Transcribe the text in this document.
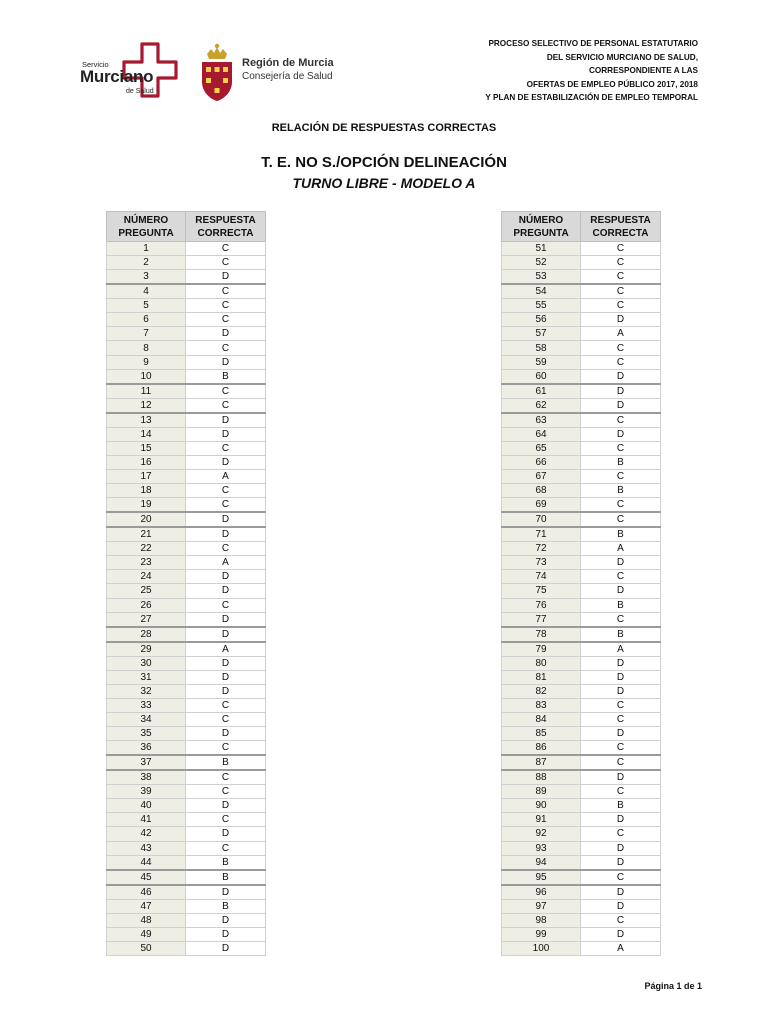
Servicio
Murciano
de Salud
Región de Murcia
Consejería de Salud
PROCESO SELECTIVO DE PERSONAL ESTATUTARIO
DEL SERVICIO MURCIANO DE SALUD,
CORRESPONDIENTE A LAS
OFERTAS DE EMPLEO PÚBLICO 2017, 2018
Y PLAN DE ESTABILIZACIÓN DE EMPLEO TEMPORAL
RELACIÓN DE RESPUESTAS CORRECTAS
T. E. NO S./OPCIÓN DELINEACIÓN
TURNO LIBRE - MODELO A
NÚMERO
PREGUNTA	RESPUESTA
CORRECTA
1	C
2	C
3	D
4	C
5	C
6	C
7	D
8	C
9	D
10	B
11	C
12	C
13	D
14	D
15	C
16	D
17	A
18	C
19	C
20	D
21	D
22	C
23	A
24	D
25	D
26	C
27	D
28	D
29	A
30	D
31	D
32	D
33	C
34	C
35	D
36	C
37	B
38	C
39	C
40	D
41	C
42	D
43	C
44	B
45	B
46	D
47	B
48	D
49	D
50	D
NÚMERO
PREGUNTA	RESPUESTA
CORRECTA
51	C
52	C
53	C
54	C
55	C
56	D
57	A
58	C
59	C
60	D
61	D
62	D
63	C
64	D
65	C
66	B
67	C
68	B
69	C
70	C
71	B
72	A
73	D
74	C
75	D
76	B
77	C
78	B
79	A
80	D
81	D
82	D
83	C
84	C
85	D
86	C
87	C
88	D
89	C
90	B
91	D
92	C
93	D
94	D
95	C
96	D
97	D
98	C
99	D
100	A
Página 1 de 1
